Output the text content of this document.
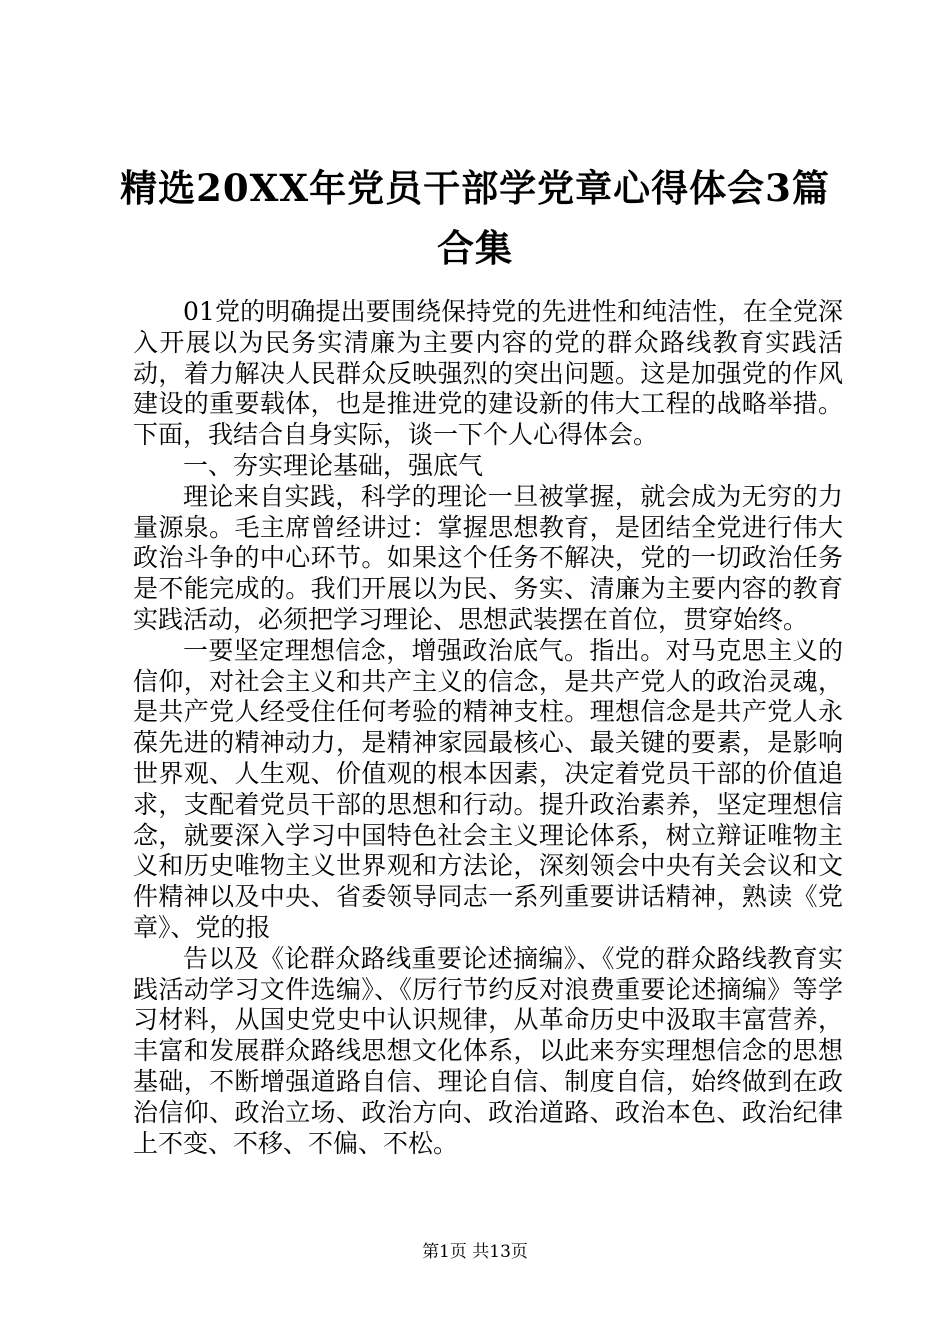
精选20XX年党员干部学党章心得体会3篇合集

01党的明确提出要围绕保持党的先进性和纯洁性，在全党深入开展以为民务实清廉为主要内容的党的群众路线教育实践活动，着力解决人民群众反映强烈的突出问题。这是加强党的作风建设的重要载体，也是推进党的建设新的伟大工程的战略举措。下面，我结合自身实际，谈一下个人心得体会。

一、夯实理论基础，强底气

理论来自实践，科学的理论一旦被掌握，就会成为无穷的力量源泉。毛主席曾经讲过：掌握思想教育，是团结全党进行伟大政治斗争的中心环节。如果这个任务不解决，党的一切政治任务是不能完成的。我们开展以为民、务实、清廉为主要内容的教育实践活动，必须把学习理论、思想武装摆在首位，贯穿始终。

一要坚定理想信念，增强政治底气。指出。对马克思主义的信仰，对社会主义和共产主义的信念，是共产党人的政治灵魂，是共产党人经受住任何考验的精神支柱。理想信念是共产党人永葆先进的精神动力，是精神家园最核心、最关键的要素，是影响世界观、人生观、价值观的根本因素，决定着党员干部的价值追求，支配着党员干部的思想和行动。提升政治素养，坚定理想信念，就要深入学习中国特色社会主义理论体系，树立辩证唯物主义和历史唯物主义世界观和方法论，深刻领会中央有关会议和文件精神以及中央、省委领导同志一系列重要讲话精神，熟读《党章》、党的报

告以及《论群众路线重要论述摘编》、《党的群众路线教育实践活动学习文件选编》、《厉行节约反对浪费重要论述摘编》等学习材料，从国史党史中认识规律，从革命历史中汲取丰富营养，丰富和发展群众路线思想文化体系，以此来夯实理想信念的思想基础，不断增强道路自信、理论自信、制度自信，始终做到在政治信仰、政治立场、政治方向、政治道路、政治本色、政治纪律上不变、不移、不偏、不松。

第1页 共13页
